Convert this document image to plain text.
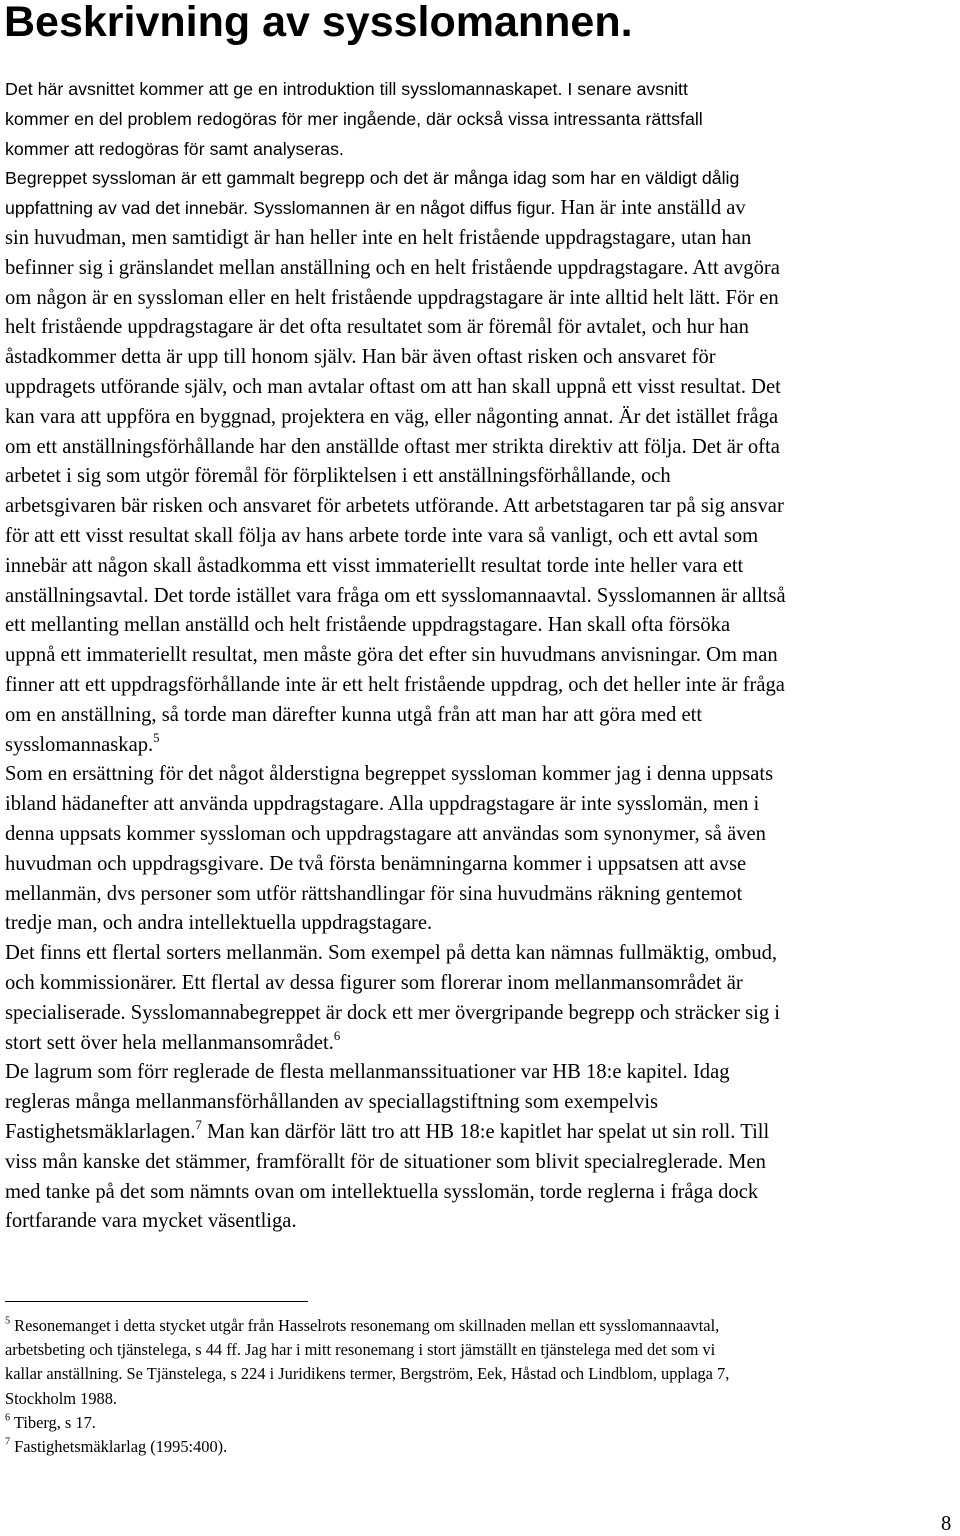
Beskrivning av sysslomannen.

Det här avsnittet kommer att ge en introduktion till sysslomannaskapet. I senare avsnitt

kommer en del problem redogöras för mer ingående, där också vissa intressanta rättsfall

kommer att redogöras för samt analyseras.

Begreppet syssloman är ett gammalt begrepp och det är många idag som har en väldigt dålig

uppfattning av vad det innebär. Sysslomannen är en något diffus figur. Han är inte anställd av

sin huvudman, men samtidigt är han heller inte en helt fristående uppdragstagare, utan han

befinner sig i gränslandet mellan anställning och en helt fristående uppdragstagare. Att avgöra

om någon är en syssloman eller en helt fristående uppdragstagare är inte alltid helt lätt. För en

helt fristående uppdragstagare är det ofta resultatet som är föremål för avtalet, och hur han

åstadkommer detta är upp till honom själv. Han bär även oftast risken och ansvaret för

uppdragets utförande själv, och man avtalar oftast om att han skall uppnå ett visst resultat. Det

kan vara att uppföra en byggnad, projektera en väg, eller någonting annat. Är det istället fråga

om ett anställningsförhållande har den anställde oftast mer strikta direktiv att följa. Det är ofta

arbetet i sig som utgör föremål för förpliktelsen i ett anställningsförhållande, och

arbetsgivaren bär risken och ansvaret för arbetets utförande. Att arbetstagaren tar på sig ansvar

för att ett visst resultat skall följa av hans arbete torde inte vara så vanligt, och ett avtal som

innebär att någon skall åstadkomma ett visst immateriellt resultat torde inte heller vara ett

anställningsavtal. Det torde istället vara fråga om ett sysslomannaavtal. Sysslomannen är alltså

ett mellanting mellan anställd och helt fristående uppdragstagare. Han skall ofta försöka

uppnå ett immateriellt resultat, men måste göra det efter sin huvudmans anvisningar. Om man

finner att ett uppdragsförhållande inte är ett helt fristående uppdrag, och det heller inte är fråga

om en anställning, så torde man därefter kunna utgå från att man har att göra med ett

sysslomannaskap.$^5$

Som en ersättning för det något ålderstigna begreppet syssloman kommer jag i denna uppsats

ibland hädanefter att använda uppdragstagare. Alla uppdragstagare är inte sysslomän, men i

denna uppsats kommer syssloman och uppdragstagare att användas som synonymer, så även

huvudman och uppdragsgivare. De två första benämningarna kommer i uppsatsen att avse

mellanmän, dvs personer som utför rättshandlingar för sina huvudmäns räkning gentemot

tredje man, och andra intellektuella uppdragstagare.

Det finns ett flertal sorters mellanmän. Som exempel på detta kan nämnas fullmäktig, ombud,

och kommissionärer. Ett flertal av dessa figurer som florerar inom mellanmansområdet är

specialiserade. Sysslomannabegreppet är dock ett mer övergripande begrepp och sträcker sig i

stort sett över hela mellanmansområdet.$^6$

De lagrum som förr reglerade de flesta mellanmanssituationer var HB 18:e kapitel. Idag

regleras många mellanmansförhållanden av speciallagstiftning som exempelvis

Fastighetsmäklarlagen.$^7$ Man kan därför lätt tro att HB 18:e kapitlet har spelat ut sin roll. Till

viss mån kanske det stämmer, framförallt för de situationer som blivit specialreglerade. Men

med tanke på det som nämnts ovan om intellektuella sysslomän, torde reglerna i fråga dock

fortfarande vara mycket väsentliga.

$^5$ Resonemanget i detta stycket utgår från Hasselrots resonemang om skillnaden mellan ett sysslomannaavtal,

arbetsbeting och tjänstelega, s 44 ff. Jag har i mitt resonemang i stort jämställt en tjänstelega med det som vi

kallar anställning. Se Tjänstelega, s 224 i Juridikens termer, Bergström, Eek, Håstad och Lindblom, upplaga 7,

Stockholm 1988.

$^6$ Tiberg, s 17.

$^7$ Fastighetsmäklarlag (1995:400).

8
